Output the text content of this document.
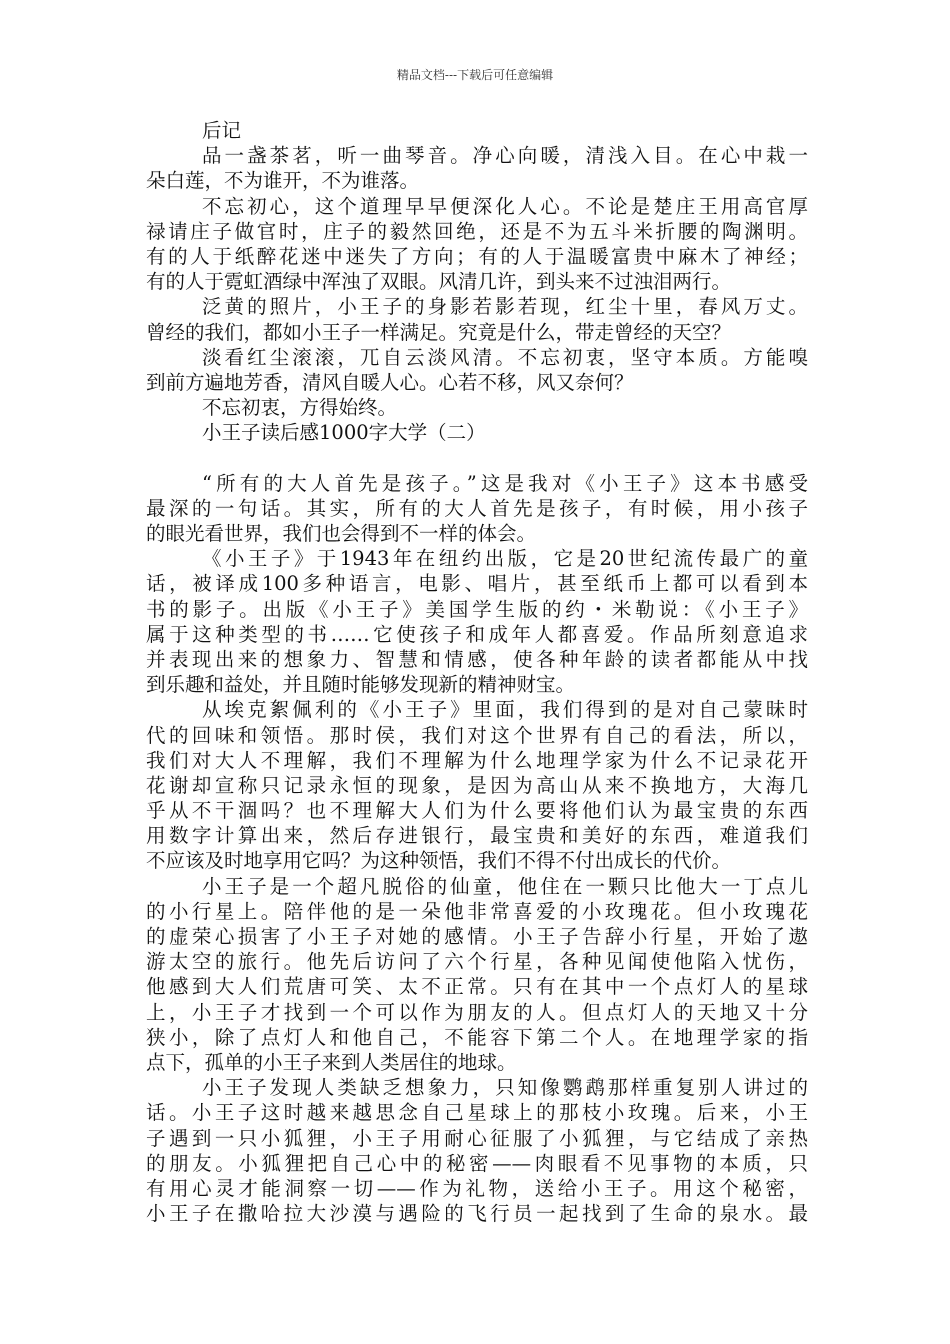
精品文档---下载后可任意编辑
后记
品一盏茶茗，听一曲琴音。净心向暖，清浅入目。在心中栽一
朵白莲，不为谁开，不为谁落。
不忘初心，这个道理早早便深化人心。不论是楚庄王用高官厚
禄请庄子做官时，庄子的毅然回绝，还是不为五斗米折腰的陶渊明。
有的人于纸醉花迷中迷失了方向；有的人于温暖富贵中麻木了神经；
有的人于霓虹酒绿中浑浊了双眼。风清几许，到头来不过浊泪两行。
泛黄的照片，小王子的身影若影若现，红尘十里，春风万丈。
曾经的我们，都如小王子一样满足。究竟是什么，带走曾经的天空？
淡看红尘滚滚，兀自云淡风清。不忘初衷，坚守本质。方能嗅
到前方遍地芳香，清风自暖人心。心若不移，风又奈何？
不忘初衷，方得始终。
小王子读后感1000字大学（二）
“所有的大人首先是孩子。”这是我对《小王子》这本书感受
最深的一句话。其实，所有的大人首先是孩子，有时候，用小孩子
的眼光看世界，我们也会得到不一样的体会。
《小王子》于1943年在纽约出版，它是20世纪流传最广的童
话，被译成100多种语言，电影、唱片，甚至纸币上都可以看到本
书的影子。出版《小王子》美国学生版的约・米勒说：《小王子》
属于这种类型的书……它使孩子和成年人都喜爱。作品所刻意追求
并表现出来的想象力、智慧和情感，使各种年龄的读者都能从中找
到乐趣和益处，并且随时能够发现新的精神财宝。
从埃克絮佩利的《小王子》里面，我们得到的是对自己蒙昧时
代的回味和领悟。那时侯，我们对这个世界有自己的看法，所以，
我们对大人不理解，我们不理解为什么地理学家为什么不记录花开
花谢却宣称只记录永恒的现象，是因为高山从来不换地方，大海几
乎从不干涸吗？也不理解大人们为什么要将他们认为最宝贵的东西
用数字计算出来，然后存进银行，最宝贵和美好的东西，难道我们
不应该及时地享用它吗？为这种领悟，我们不得不付出成长的代价。
小王子是一个超凡脱俗的仙童，他住在一颗只比他大一丁点儿
的小行星上。陪伴他的是一朵他非常喜爱的小玫瑰花。但小玫瑰花
的虚荣心损害了小王子对她的感情。小王子告辞小行星，开始了遨
游太空的旅行。他先后访问了六个行星，各种见闻使他陷入忧伤，
他感到大人们荒唐可笑、太不正常。只有在其中一个点灯人的星球
上，小王子才找到一个可以作为朋友的人。但点灯人的天地又十分
狭小，除了点灯人和他自己，不能容下第二个人。在地理学家的指
点下，孤单的小王子来到人类居住的地球。
小王子发现人类缺乏想象力，只知像鹦鹉那样重复别人讲过的
话。小王子这时越来越思念自己星球上的那枝小玫瑰。后来，小王
子遇到一只小狐狸，小王子用耐心征服了小狐狸，与它结成了亲热
的朋友。小狐狸把自己心中的秘密——肉眼看不见事物的本质，只
有用心灵才能洞察一切——作为礼物，送给小王子。用这个秘密，
小王子在撒哈拉大沙漠与遇险的飞行员一起找到了生命的泉水。最
